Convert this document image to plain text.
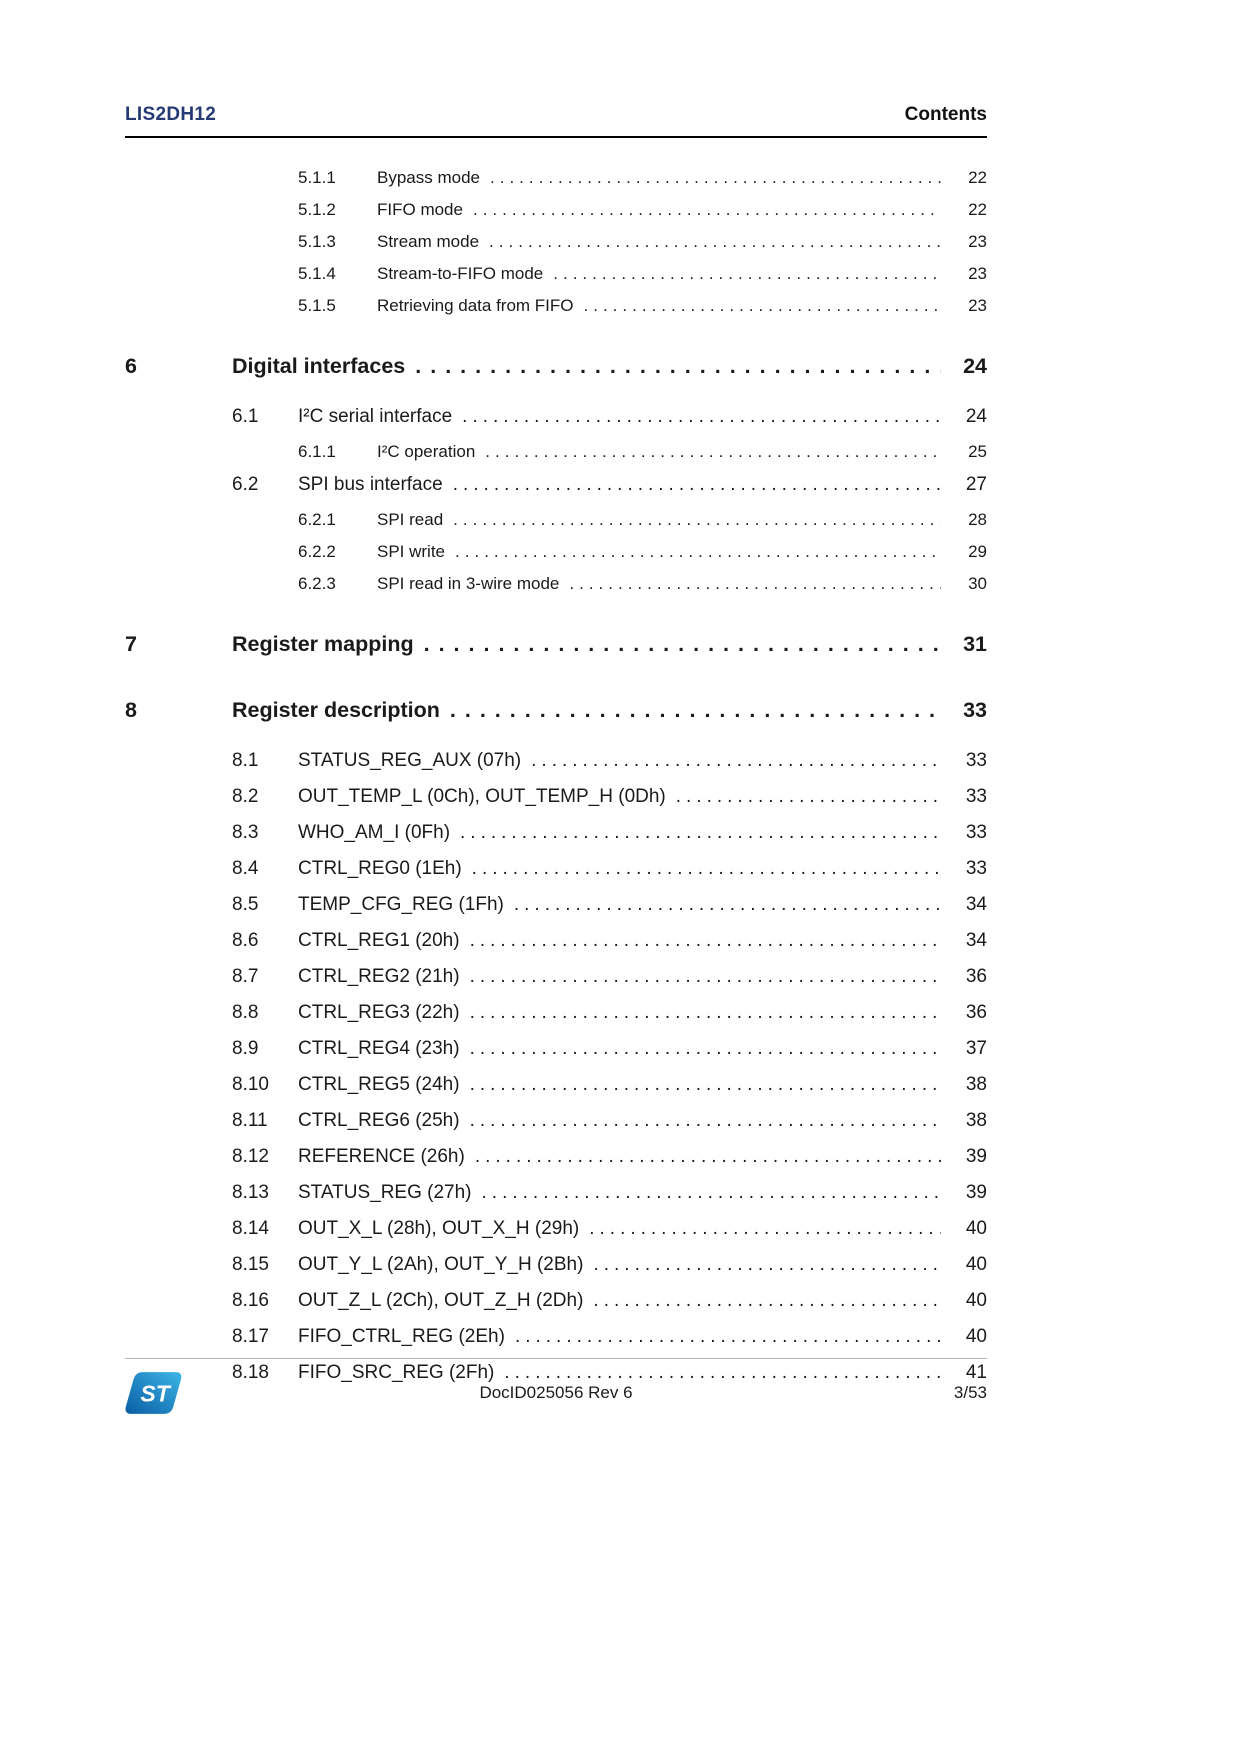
LIS2DH12	Contents
5.1.1	Bypass mode .....	22
5.1.2	FIFO mode .....	22
5.1.3	Stream mode .....	23
5.1.4	Stream-to-FIFO mode .....	23
5.1.5	Retrieving data from FIFO .....	23
6	Digital interfaces .....	24
6.1	I²C serial interface .....	24
6.1.1	I²C operation .....	25
6.2	SPI bus interface .....	27
6.2.1	SPI read .....	28
6.2.2	SPI write .....	29
6.2.3	SPI read in 3-wire mode .....	30
7	Register mapping .....	31
8	Register description .....	33
8.1	STATUS_REG_AUX (07h) .....	33
8.2	OUT_TEMP_L (0Ch), OUT_TEMP_H (0Dh) .....	33
8.3	WHO_AM_I (0Fh) .....	33
8.4	CTRL_REG0 (1Eh) .....	33
8.5	TEMP_CFG_REG (1Fh) .....	34
8.6	CTRL_REG1 (20h) .....	34
8.7	CTRL_REG2 (21h) .....	36
8.8	CTRL_REG3 (22h) .....	36
8.9	CTRL_REG4 (23h) .....	37
8.10	CTRL_REG5 (24h) .....	38
8.11	CTRL_REG6 (25h) .....	38
8.12	REFERENCE (26h) .....	39
8.13	STATUS_REG (27h) .....	39
8.14	OUT_X_L (28h), OUT_X_H (29h) .....	40
8.15	OUT_Y_L (2Ah), OUT_Y_H (2Bh) .....	40
8.16	OUT_Z_L (2Ch), OUT_Z_H (2Dh) .....	40
8.17	FIFO_CTRL_REG (2Eh) .....	40
8.18	FIFO_SRC_REG (2Fh) .....	41
ST	DocID025056 Rev 6	3/53
